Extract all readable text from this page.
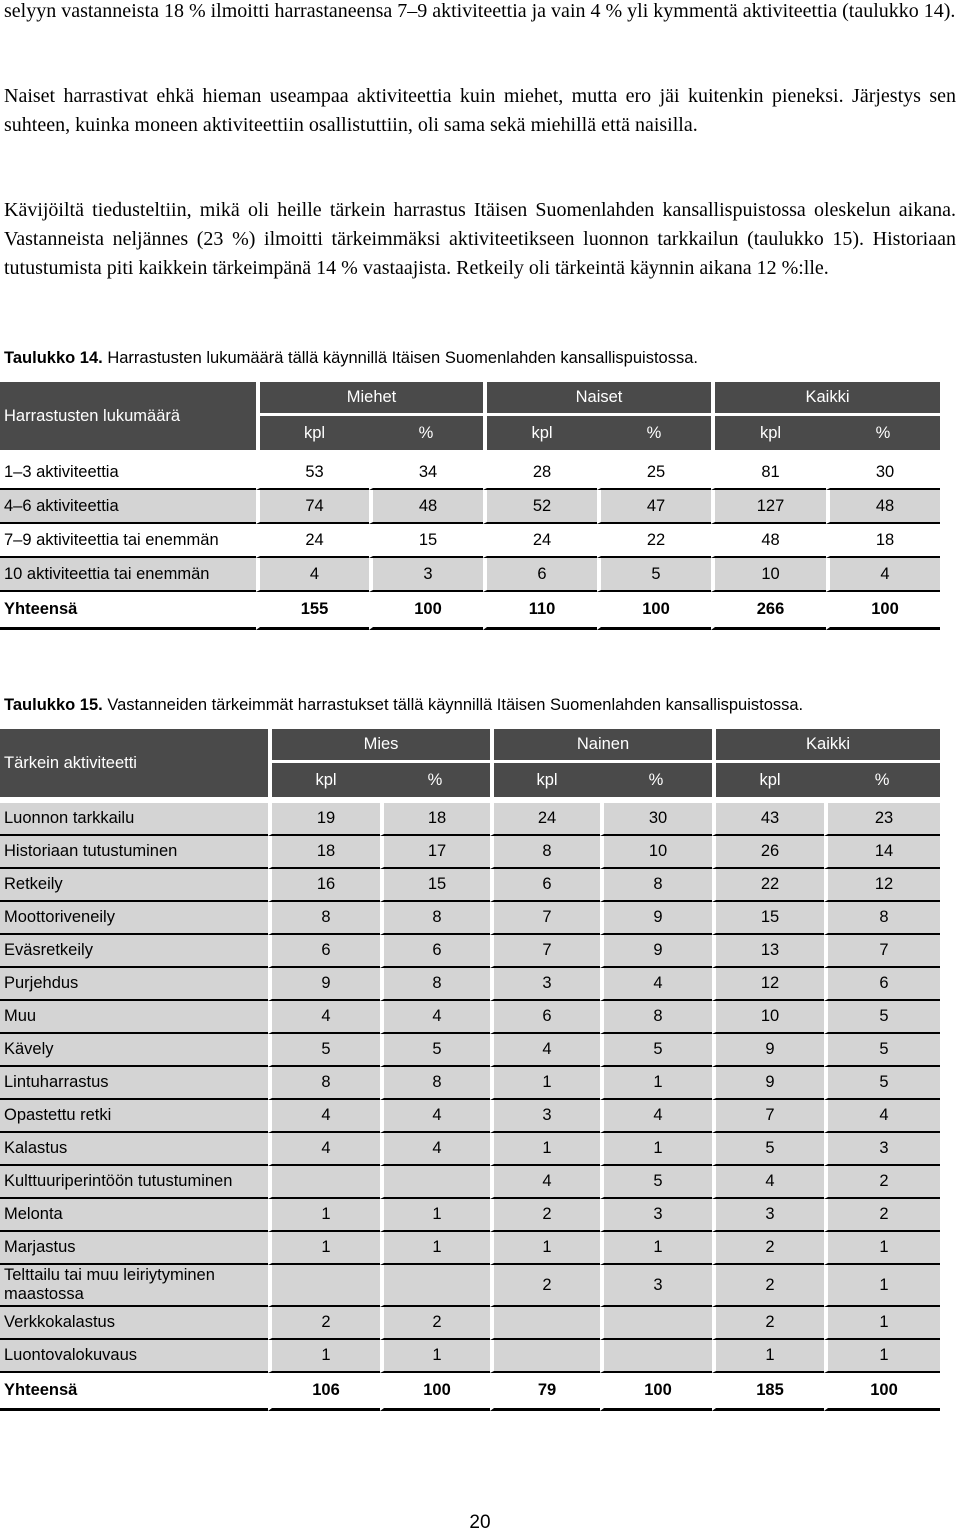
selyyn vastanneista 18 % ilmoitti harrastaneensa 7–9 aktiviteettia ja vain 4 % yli kymmentä aktiviteettia (taulukko 14).

Naiset harrastivat ehkä hieman useampaa aktiviteettia kuin miehet, mutta ero jäi kuitenkin pieneksi. Järjestys sen suhteen, kuinka moneen aktiviteettiin osallistuttiin, oli sama sekä miehillä että naisilla.

Kävijöiltä tiedusteltiin, mikä oli heille tärkein harrastus Itäisen Suomenlahden kansallispuistossa oleskelun aikana. Vastanneista neljännes (23 %) ilmoitti tärkeimmäksi aktiviteetikseen luonnon tarkkailun (taulukko 15). Historiaan tutustumista piti kaikkein tärkeimpänä 14 % vastaajista. Retkeily oli tärkeintä käynnin aikana 12 %:lle.

Taulukko 14. Harrastusten lukumäärä tällä käynnillä Itäisen Suomenlahden kansallispuistossa.

Harrastusten lukumäärä	Miehet		Naiset		Kaikki	
	kpl	%	kpl	%	kpl	%

1–3 aktiviteettia	53	34	28	25	81	30
4–6 aktiviteettia	74	48	52	47	127	48
7–9 aktiviteettia tai enemmän	24	15	24	22	48	18
10 aktiviteettia tai enemmän	4	3	6	5	10	4
Yhteensä	155	100	110	100	266	100

Taulukko 15. Vastanneiden tärkeimmät harrastukset tällä käynnillä Itäisen Suomenlahden kansallispuistossa.

Tärkein aktiviteetti	Mies		Nainen		Kaikki	
	kpl	%	kpl	%	kpl	%

Luonnon tarkkailu	19	18	24	30	43	23
Historiaan tutustuminen	18	17	8	10	26	14
Retkeily	16	15	6	8	22	12
Moottoriveneily	8	8	7	9	15	8
Eväsretkeily	6	6	7	9	13	7
Purjehdus	9	8	3	4	12	6
Muu	4	4	6	8	10	5
Kävely	5	5	4	5	9	5
Lintuharrastus	8	8	1	1	9	5
Opastettu retki	4	4	3	4	7	4
Kalastus	4	4	1	1	5	3
Kulttuuriperintöön tutustuminen			4	5	4	2
Melonta	1	1	2	3	3	2
Marjastus	1	1	1	1	2	1
Telttailu tai muu leiriytyminen maastossa			2	3	2	1
Verkkokalastus	2	2			2	1
Luontovalokuvaus	1	1			1	1
Yhteensä	106	100	79	100	185	100
20
